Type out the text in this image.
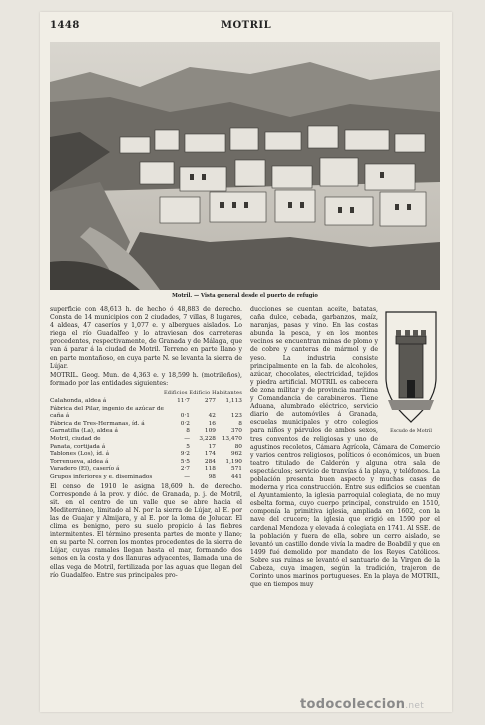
1448	MOTRIL
Motril. — Vista general desde el puerto de refugio

superficie con 48,613 h. de hecho ó 48,883 de derecho. Consta de 14 municipios con 2 ciudades, 7 villas, 8 lugares, 4 aldeas, 47 caseríos y 1,077 e. y albergues aislados. Lo riega el río Guadalfeo y lo atraviesan dos carreteras procedentes, respectivamente, de Granada y de Málaga, que van á parar á la ciudad de Motril. Terreno en parte llano y en parte montañoso, en cuya parte N. se levanta la sierra de Lújar.

MOTRIL. Geog. Mun. de 4,363 e. y 18,599 h. (motrileños), formado por las entidades siguientes:

Edificios Edificio Habitantes
Calahonda, aldea á	11·7	277	1,113
Fábrica del Pilar, ingenio de azúcar de caña á	0·1	42	123
Fábrica de Tres-Hermanas, íd. á	0·2	16	8
Garnatilla (La), aldea á	8	109	370
Motril, ciudad de	—	3,228	13,470
Panata, cortijada á	5	17	80
Tablones (Los), íd. á	9·2	174	962
Torrenueva, aldea á	5·5	284	1,190
Varadero (El), caserío á	2·7	118	571
Grupos inferiores y e. diseminados	—	98	441

El censo de 1910 le asigna 18,609 h. de derecho. Corresponde á la prov. y dióc. de Granada, p. j. de Motril, sit. en el centro de un valle que se abre hacia el Mediterráneo, limitado al N. por la sierra de Lújar, al E. por las de Guajar y Almijara, y al E. por la loma de Jolucar. El clima es benigno, pero su suelo propicio á las fiebres intermitentes. El término presenta partes de monte y llano; en su parte N. corren los montes procedentes de la sierra de Lújar, cuyas ramales llegan hasta el mar, formando dos senos en la costa y dos llanuras adyacentes, llamada una de ellas vega de Motril, fertilizada por las aguas que llegan del río Guadalfeo. Entre sus principales pro-

Escudo de Motril

ducciones se cuentan aceite, batatas, caña dulce, cebada, garbanzos, maíz, naranjas, pasas y vino. En las costas abunda la pesca, y en los montes vecinos se encuentran minas de plomo y de cobre y canteras de mármol y de yeso. La industria consiste principalmente en la fab. de alcoholes, azúcar, chocolates, electricidad, tejidos y piedra artificial. MOTRIL es cabecera de zona militar y de provincia marítima y Comandancia de carabineros. Tiene Aduana, alumbrado eléctrico, servicio diario de automóviles á Granada, escuelas municipales y otro colegios para niños y párvulos de ambos sexos, tres conventos de religiosas y uno de agustinos recoletos, Cámara Agrícola, Cámara de Comercio y varios centros religiosos, políticos ó económicos, un buen teatro titulado de Calderón y alguna otra sala de espectáculos; servicio de tranvías á la playa, y teléfonos. La población presenta buen aspecto y muchas casas de moderna y rica construcción. Entre sus edificios se cuentan el Ayuntamiento, la iglesia parroquial colegiata, de no muy esbelta forma, cuyo cuerpo principal, construido en 1510, componía la primitiva iglesia, ampliada en 1602, con la nave del crucero; la iglesia que erigió en 1590 por el cardenal Mendoza y elevada á colegiata en 1741. Al SSE. de la población y fuera de ella, sobre un cerro aislado, se levantó un castillo donde vivía la madre de Boabdil y que en 1499 fué demolido por mandato de los Reyes Católicos. Sobre sus ruinas se levantó el santuario de la Virgen de la Cabeza, cuya imagen, según la tradición, trajeron de Corinto unos marinos portugueses. En la playa de MOTRIL, que en tiempos muy

todocoleccion.net
